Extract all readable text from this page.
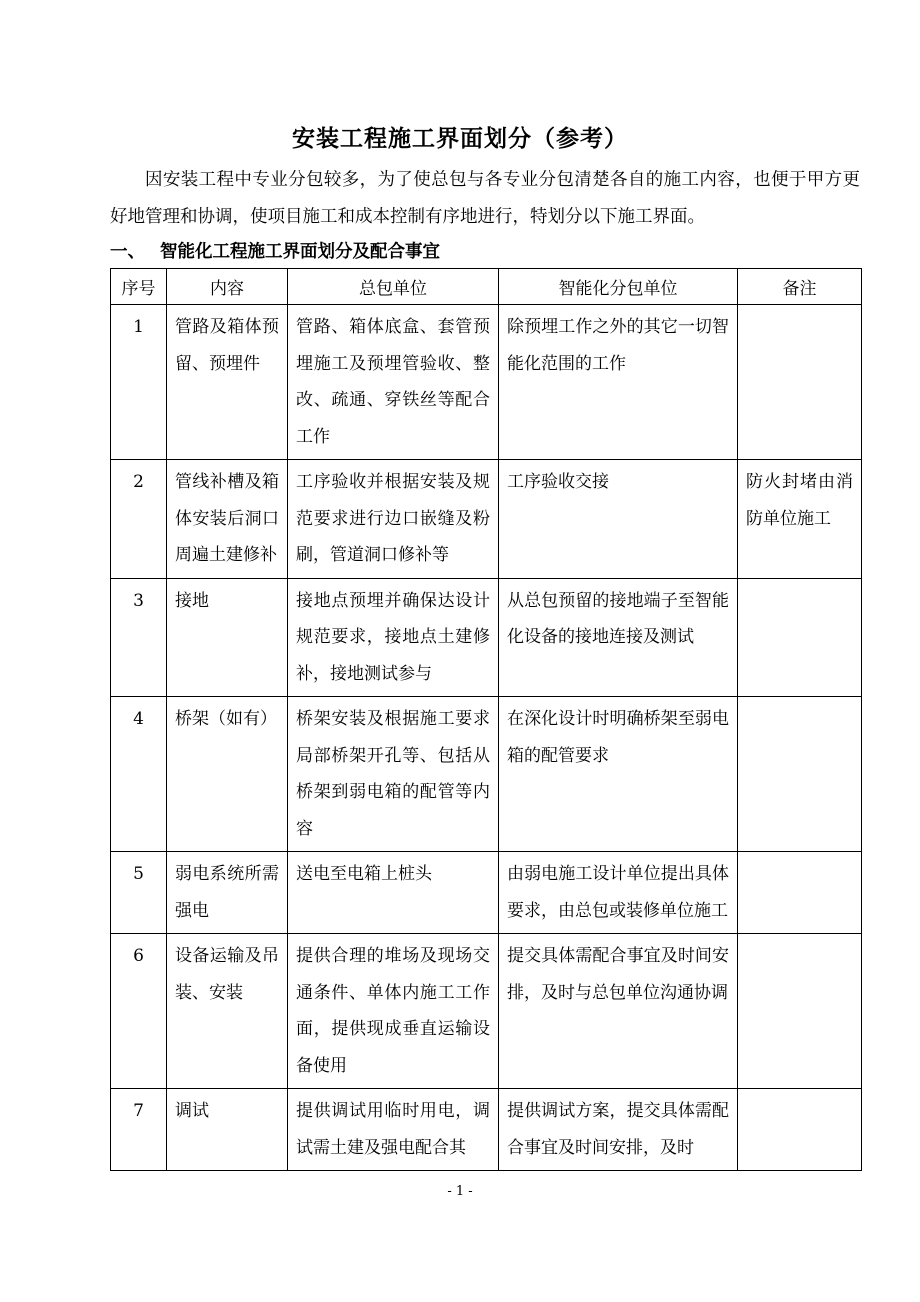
安装工程施工界面划分（参考）
因安装工程中专业分包较多，为了使总包与各专业分包清楚各自的施工内容，也便于甲方更好地管理和协调，使项目施工和成本控制有序地进行，特划分以下施工界面。
一、 智能化工程施工界面划分及配合事宜
序号	内容	总包单位	智能化分包单位	备注
1	管路及箱体预留、预埋件	管路、箱体底盒、套管预埋施工及预埋管验收、整改、疏通、穿铁丝等配合工作	除预埋工作之外的其它一切智能化范围的工作	
2	管线补槽及箱体安装后洞口周遍土建修补	工序验收并根据安装及规范要求进行边口嵌缝及粉刷，管道洞口修补等	工序验收交接	防火封堵由消防单位施工
3	接地	接地点预埋并确保达设计规范要求，接地点土建修补，接地测试参与	从总包预留的接地端子至智能化设备的接地连接及测试	
4	桥架（如有）	桥架安装及根据施工要求局部桥架开孔等、包括从桥架到弱电箱的配管等内容	在深化设计时明确桥架至弱电箱的配管要求	
5	弱电系统所需强电	送电至电箱上桩头	由弱电施工设计单位提出具体要求，由总包或装修单位施工	
6	设备运输及吊装、安装	提供合理的堆场及现场交通条件、单体内施工工作面，提供现成垂直运输设备使用	提交具体需配合事宜及时间安排，及时与总包单位沟通协调	
7	调试	提供调试用临时用电，调试需土建及强电配合其	提供调试方案，提交具体需配合事宜及时间安排，及时	
- 1 -
